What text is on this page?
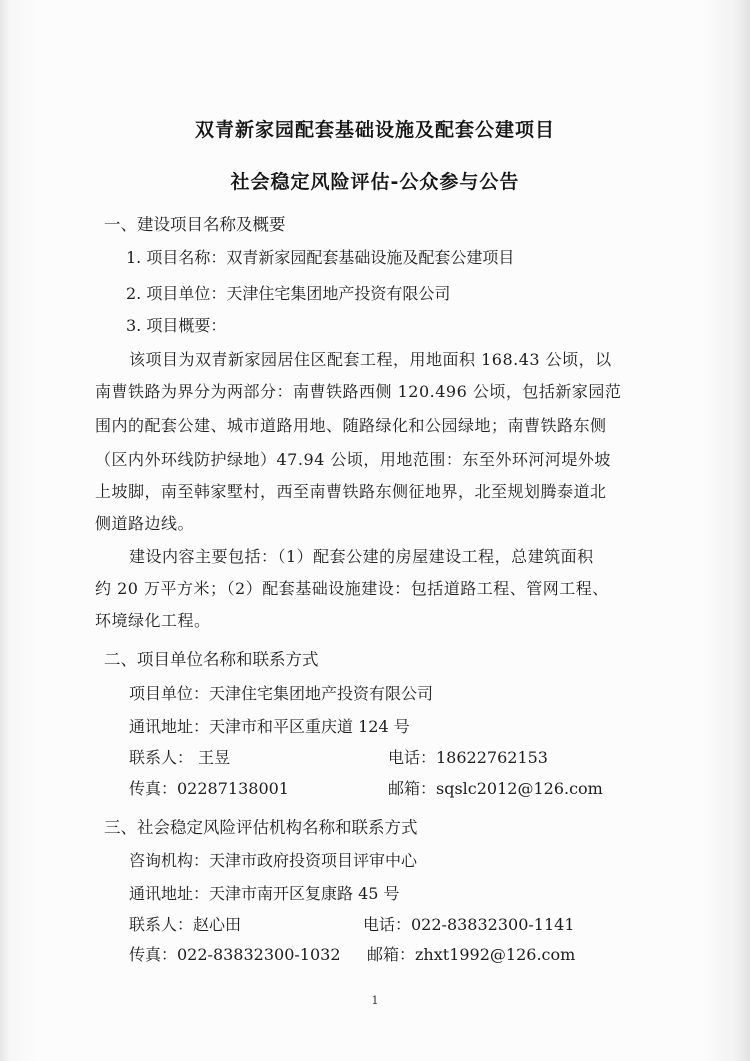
双青新家园配套基础设施及配套公建项目
社会稳定风险评估-公众参与公告
一、建设项目名称及概要
1. 项目名称：双青新家园配套基础设施及配套公建项目
2. 项目单位：天津住宅集团地产投资有限公司
3. 项目概要：
该项目为双青新家园居住区配套工程，用地面积 168.43 公顷，以
南曹铁路为界分为两部分：南曹铁路西侧 120.496 公顷，包括新家园范
围内的配套公建、城市道路用地、随路绿化和公园绿地；南曹铁路东侧
（区内外环线防护绿地）47.94 公顷，用地范围：东至外环河河堤外坡
上坡脚，南至韩家墅村，西至南曹铁路东侧征地界，北至规划腾泰道北
侧道路边线。
建设内容主要包括：（1）配套公建的房屋建设工程，总建筑面积
约 20 万平方米；（2）配套基础设施建设：包括道路工程、管网工程、
环境绿化工程。
二、项目单位名称和联系方式
项目单位：天津住宅集团地产投资有限公司
通讯地址：天津市和平区重庆道 124 号
联系人： 王昱	电话：18622762153
传真：02287138001	邮箱：sqslc2012@126.com
三、社会稳定风险评估机构名称和联系方式
咨询机构：天津市政府投资项目评审中心
通讯地址：天津市南开区复康路 45 号
联系人：赵心田	电话：022-83832300-1141
传真：022-83832300-1032 邮箱：zhxt1992@126.com
1
